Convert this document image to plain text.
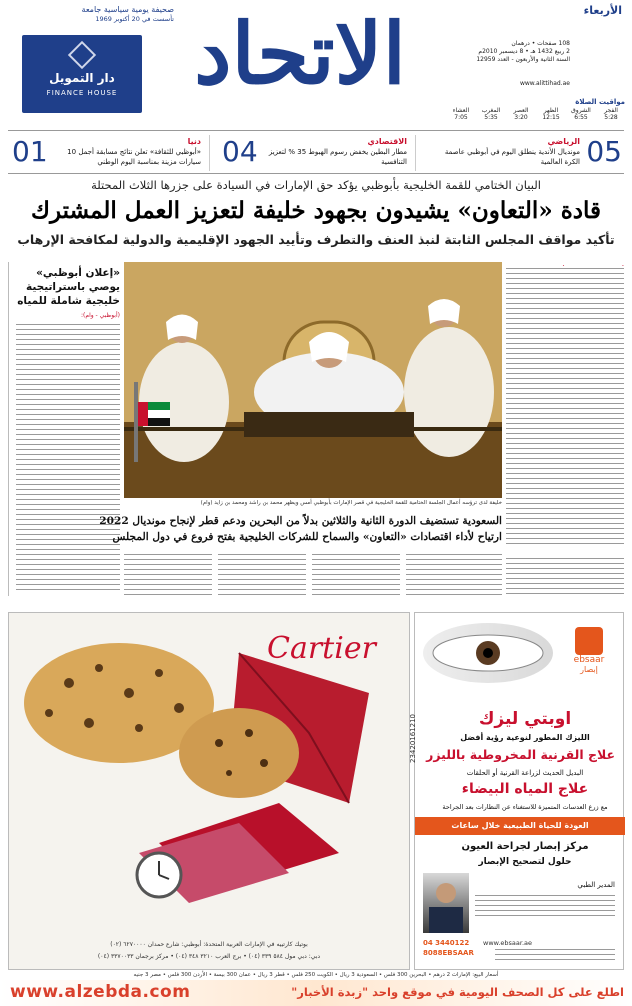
الأربعاء
صحيفة يومية سياسية جامعة
تأسست في 20 أكتوبر 1969
108 صفحات • درهمان
2 ربيع 1432 هـ • 8 ديسمبر 2010م
السنة الثانية والأربعون - العدد 12959
www.alittihad.ae
الاتحاد
دار التمويل
FINANCE HOUSE
مواقيت الصلاة
الفجر
5:28
الشروق
6:55
الظهر
12:15
العصر
3:20
المغرب
5:35
العشاء
7:05
05
الرياضي
مونديال الأندية ينطلق اليوم في أبوظبي عاصمة الكرة العالمية
04	الاقتصادي
مطار البطين يخفض رسوم الهبوط 35 % لتعزيز التنافسية
01	دنيا
«أبوظبي للثقافة» تعلن نتائج مسابقة أجمل 10 سيارات مزينة بمناسبة اليوم الوطني
البيان الختامي للقمة الخليجية بأبوظبي يؤكد حق الإمارات في السيادة على جزرها الثلاث المحتلة
قادة «التعاون» يشيدون بجهود خليفة لتعزيز العمل المشترك
تأكيد مواقف المجلس الثابتة لنبذ العنف والتطرف وتأييد الجهود الإقليمية والدولية لمكافحة الإرهاب
«إعلان أبوظبي» يوصي باستراتيجية خليجية شاملة للمياه
(أبوظبي - وام):
خليفة لدى ترؤسه أعمال الجلسة الختامية للقمة الخليجية في قصر الإمارات بأبوظبي أمس ويظهر محمد بن راشد ومحمد بن زايد (وام)
السعودية تستضيف الدورة الثانية والثلاثين بدلاً من البحرين ودعم قطر لإنجاح مونديال 2022
ارتياح لأداء اقتصادات «التعاون» والسماح للشركات الخليجية بفتح فروع في دول المجلس
Cartier
بوتيك كارتييه في الإمارات العربية المتحدة: أبوظبي: شارع حمدان ٦٢٧٠٠٠٠ (٠٢)
دبي: دبي مول ٥٨٤ ٣٣٩ (٠٤) • برج العرب ٣٢١٠ ٣٤٨ (٠٤) • مركز برجمان ٣٣٧٠٠٣٣ (٠٤)
ebsaar
إبصار
اوبتي ليزك
الليزك المطور لنوعية رؤية أفضل
علاج القرنية المخروطية بالليزر
البديل الحديث لزراعة القرنية أو الحلقات
علاج المياه البيضاء
مع زرع العدسات المتميزة للاستغناء عن النظارات بعد الجراحة
23420161210
العودة للحياة الطبيعية خلال ساعات
مركز إبصار لجراحة العيون
حلول لتصحيح الإبصار
المدير الطبي
04 3440122
8088EBSAAR
www.ebsaar.ae
أسعار البيع: الإمارات 2 درهم • البحرين 300 فلس • السعودية 3 ريال • الكويت 250 فلس • قطر 3 ريال • عمان 300 بيسة • الأردن 300 فلس • مصر 3 جنيه
www.alzebda.com	اطلع على كل الصحف اليومية في موقع واحد "زبدة الأخبار"
